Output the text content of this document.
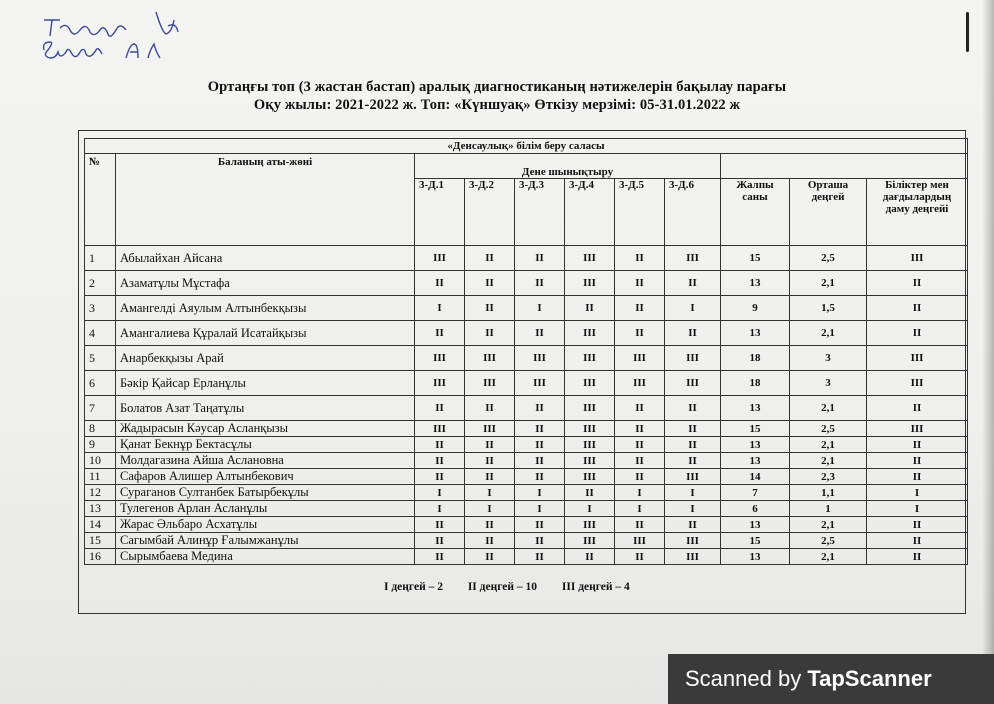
Ортаңғы топ (3 жастан бастап) аралық диагностиканың нәтижелерін бақылау парағы
Оқу жылы: 2021-2022 ж. Топ: «Күншуақ» Өткізу мерзімі: 05-31.01.2022 ж
«Денсаулық» білім беру саласы										
№	Баланың аты-жөні	Дене шынықтыру								
		3-Д.1	3-Д.2	3-Д.3	3-Д.4	3-Д.5	3-Д.6	Жалпы саны	Орташа деңгей	Біліктер мен дағдылардың даму деңгейі
1	Абылайхан Айсана	III	II	II	III	II	III	15	2,5	III
2	Азаматұлы Мұстафа	II	II	II	III	II	II	13	2,1	II
3	Амангелді Аяулым Алтынбекқызы	I	II	I	II	II	I	9	1,5	II
4	Амангалиева Құралай Исатайқызы	II	II	II	III	II	II	13	2,1	II
5	Анарбекқызы Арай	III	III	III	III	III	III	18	3	III
6	Бәкір Қайсар Ерланұлы	III	III	III	III	III	III	18	3	III
7	Болатов Азат Таңатұлы	II	II	II	III	II	II	13	2,1	II
8	Жадырасын Кәусар Асланқызы	III	III	II	III	II	II	15	2,5	III
9	Қанат Бекнұр Бектасұлы	II	II	II	III	II	II	13	2,1	II
10	Молдагазина Айша Аслановна	II	II	II	III	II	II	13	2,1	II
11	Сафаров Алишер Алтынбекович	II	II	II	III	II	III	14	2,3	II
12	Сураганов Султанбек Батырбекұлы	I	I	I	II	I	I	7	1,1	I
13	Тулегенов Арлан Асланұлы	I	I	I	I	I	I	6	1	I
14	Жарас Әльбаро Асхатұлы	II	II	II	III	II	II	13	2,1	II
15	Сагымбай Алинұр Ғалымжанұлы	II	II	II	III	III	III	15	2,5	II
16	Сырымбаева Медина	II	II	II	II	II	III	13	2,1	II
I деңгей – 2 II деңгей – 10 III деңгей – 4
Scanned by TapScanner
